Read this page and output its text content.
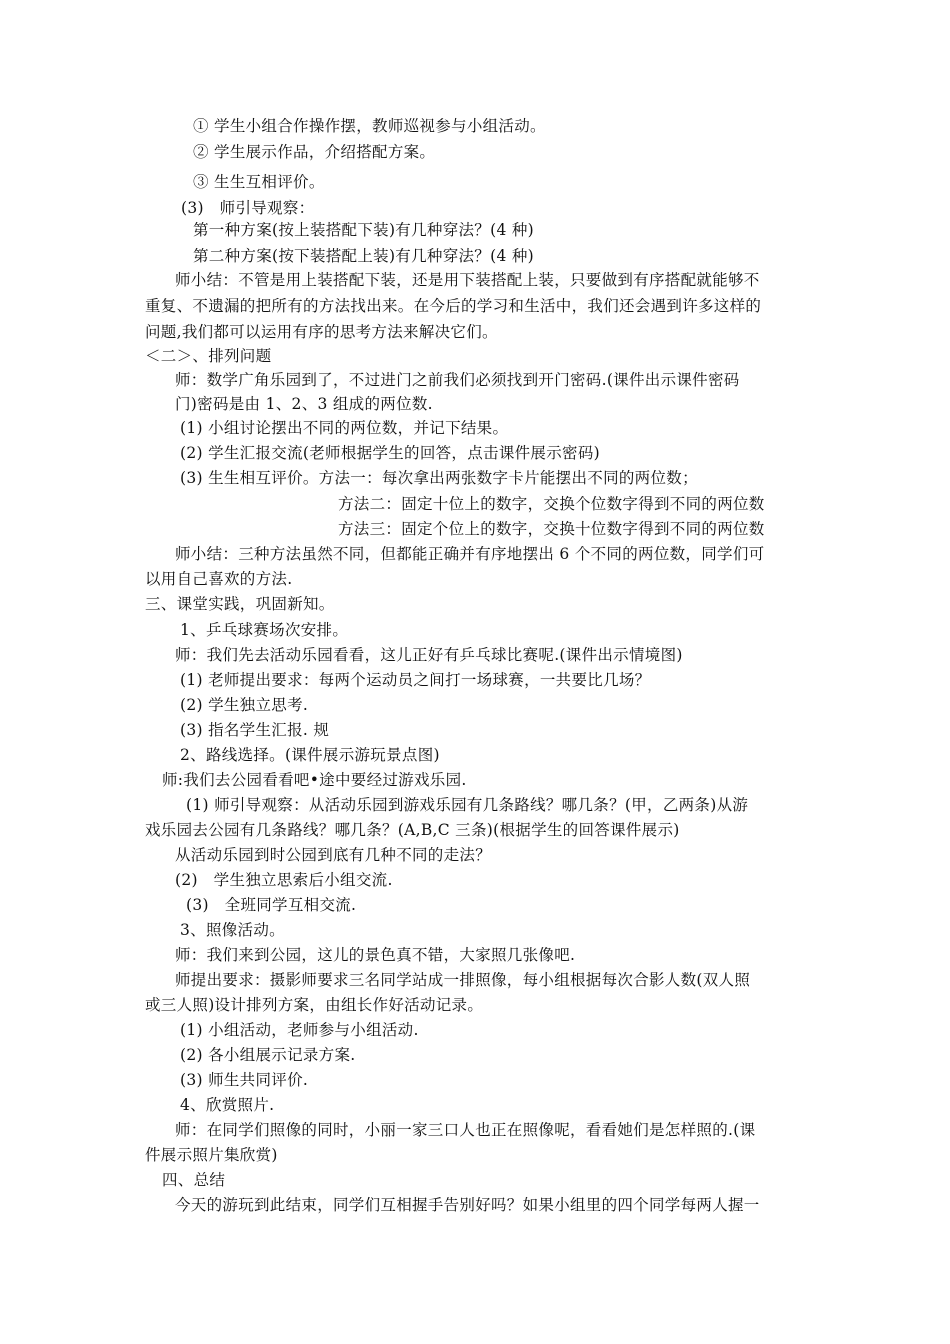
① 学生小组合作操作摆，教师巡视参与小组活动。
② 学生展示作品，介绍搭配方案。
③ 生生互相评价。
(3)　师引导观察：
第一种方案(按上装搭配下装)有几种穿法？(4 种)
第二种方案(按下装搭配上装)有几种穿法？(4 种)
师小结：不管是用上装搭配下装，还是用下装搭配上装，只要做到有序搭配就能够不
重复、不遗漏的把所有的方法找出来。在今后的学习和生活中，我们还会遇到许多这样的
问题,我们都可以运用有序的思考方法来解决它们。
＜二＞、排列问题
师：数学广角乐园到了，不过进门之前我们必须找到开门密码.(课件出示课件密码
门)密码是由 1、2、3 组成的两位数.
(1) 小组讨论摆出不同的两位数，并记下结果。
(2) 学生汇报交流(老师根据学生的回答，点击课件展示密码)
(3) 生生相互评价。方法一：每次拿出两张数字卡片能摆出不同的两位数；
方法二：固定十位上的数字，交换个位数字得到不同的两位数
方法三：固定个位上的数字，交换十位数字得到不同的两位数
师小结：三种方法虽然不同，但都能正确并有序地摆出 6 个不同的两位数，同学们可
以用自己喜欢的方法.
三、课堂实践，巩固新知。
1、乒乓球赛场次安排。
师：我们先去活动乐园看看，这儿正好有乒乓球比赛呢.(课件出示情境图)
(1) 老师提出要求：每两个运动员之间打一场球赛，一共要比几场？
(2) 学生独立思考.
(3) 指名学生汇报. 规
2、路线选择。(课件展示游玩景点图)
师:我们去公园看看吧•途中要经过游戏乐园.
(1) 师引导观察：从活动乐园到游戏乐园有几条路线？哪几条？(甲，乙两条)从游
戏乐园去公园有几条路线？哪几条？(A,B,C 三条)(根据学生的回答课件展示)
从活动乐园到时公园到底有几种不同的走法？
(2)　学生独立思索后小组交流.
(3)　全班同学互相交流.
3、照像活动。
师：我们来到公园，这儿的景色真不错，大家照几张像吧.
师提出要求：摄影师要求三名同学站成一排照像，每小组根据每次合影人数(双人照
或三人照)设计排列方案，由组长作好活动记录。
(1) 小组活动，老师参与小组活动.
(2) 各小组展示记录方案.
(3) 师生共同评价.
4、欣赏照片.
师：在同学们照像的同时，小丽一家三口人也正在照像呢，看看她们是怎样照的.(课
件展示照片集欣赏)
四、总结
今天的游玩到此结束，同学们互相握手告别好吗？如果小组里的四个同学每两人握一
